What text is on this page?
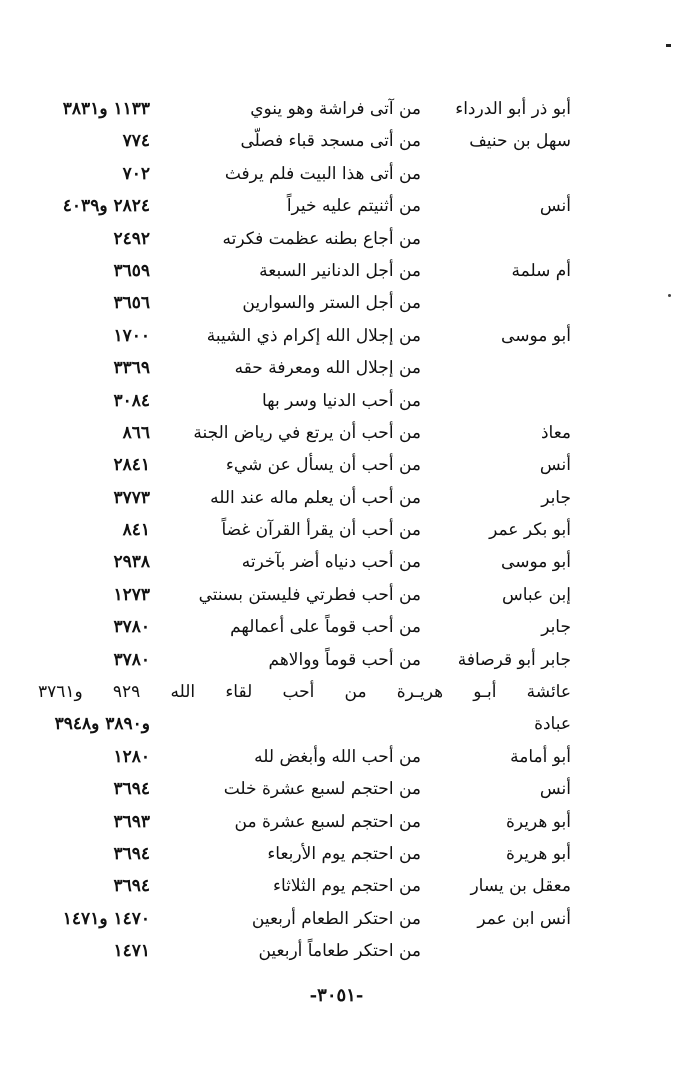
أبو ذر أبو الدرداء
من آتى فراشة وهو ينوي
١١٣٣ و٣٨٣١
سهل بن حنيف
من أتى مسجد قباء فصلّى
٧٧٤
من أتى هذا البيت فلم يرفث
٧٠٢
أنس
من أثنيتم عليه خيراً
٢٨٢٤ و٤٠٣٩
من أجاع بطنه عظمت فكرته
٢٤٩٢
أم سلمة
من أجل الدنانير السبعة
٣٦٥٩
من أجل الستر والسوارين
٣٦٥٦
أبو موسى
من إجلال الله إكرام ذي الشيبة
١٧٠٠
من إجلال الله ومعرفة حقه
٣٣٦٩
من أحب الدنيا وسر بها
٣٠٨٤
معاذ
من أحب أن يرتع في رياض الجنة
٨٦٦
أنس
من أحب أن يسأل عن شيء
٢٨٤١
جابر
من أحب أن يعلم ماله عند الله
٣٧٧٣
أبو بكر عمر
من أحب أن يقرأ القرآن غضاً
٨٤١
أبو موسى
من أحب دنياه أضر بآخرته
٢٩٣٨
إبن عباس
من أحب فطرتي فليستن بسنتي
١٢٧٣
جابر
من أحب قوماً على أعمالهم
٣٧٨٠
جابر أبو قرصافة
من أحب قوماً ووالاهم
٣٧٨٠
عائشة أبـو هريـرة من أحب لقاء الله ٩٢٩ و٣٧٦١
عبادة
و٣٨٩٠ و٣٩٤٨
أبو أمامة
من أحب الله وأبغض لله
١٢٨٠
أنس
من احتجم لسبع عشرة خلت
٣٦٩٤
أبو هريرة
من احتجم لسبع عشرة من
٣٦٩٣
أبو هريرة
من احتجم يوم الأربعاء
٣٦٩٤
معقل بن يسار
من احتجم يوم الثلاثاء
٣٦٩٤
أنس ابن عمر
من احتكر الطعام أربعين
١٤٧٠ و١٤٧١
من احتكر طعاماً أربعين
١٤٧١
-٣٠٥١-
